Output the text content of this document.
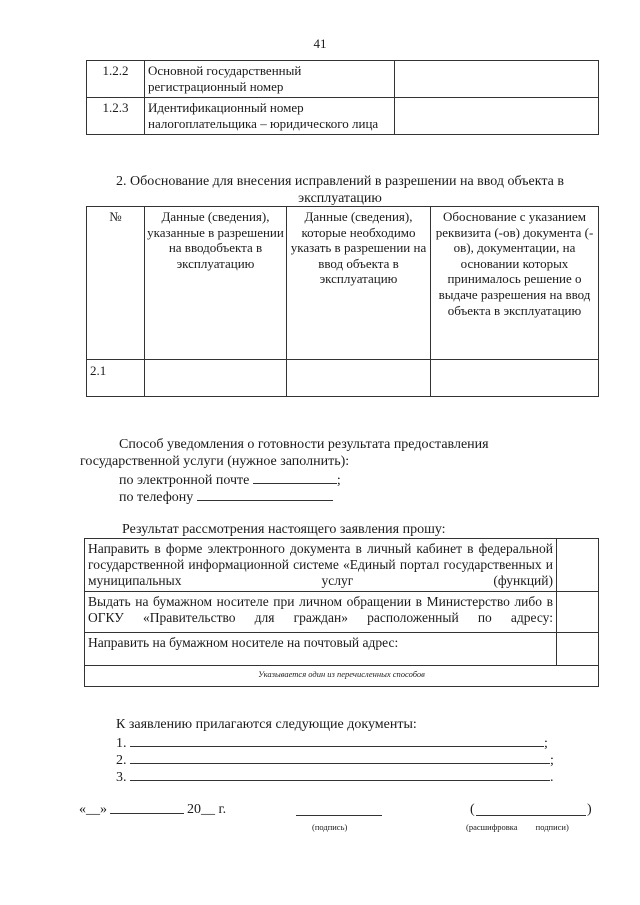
41
1.2.2	Основной государственный регистрационный номер	
1.2.3	Идентификационный номер налогоплательщика – юридического лица	
2. Обоснование для внесения исправлений в разрешении на ввод объекта в эксплуатацию
№	Данные (сведения), указанные в разрешении на вводобъекта в эксплуатацию	Данные (сведения), которые необходимо указать в разрешении на ввод объекта в эксплуатацию	Обоснование с указанием реквизита (-ов) документа (-ов), документации, на основании которых принималось решение о выдаче разрешения на ввод объекта в эксплуатацию
2.1			
Способ уведомления о готовности результата предоставления
государственной услуги (нужное заполнить):
по электронной почте	;
по телефону
Результат рассмотрения настоящего заявления прошу:
Направить в форме электронного документа в личный кабинет в федеральной государственной информационной системе «Единый портал государственных и муниципальных услуг (функций)	
Выдать на бумажном носителе при личном обращении в Министерство либо в ОГКУ «Правительство для граждан» расположенный по адресу:	
Направить на бумажном носителе на почтовый адрес:	
Указывается один из перечисленных способов	
К заявлению прилагаются следующие документы:
1.	;
2.	;
3.	.
«__»	20__ г.
(подпись)
(	)
(расшифровка подписи)
